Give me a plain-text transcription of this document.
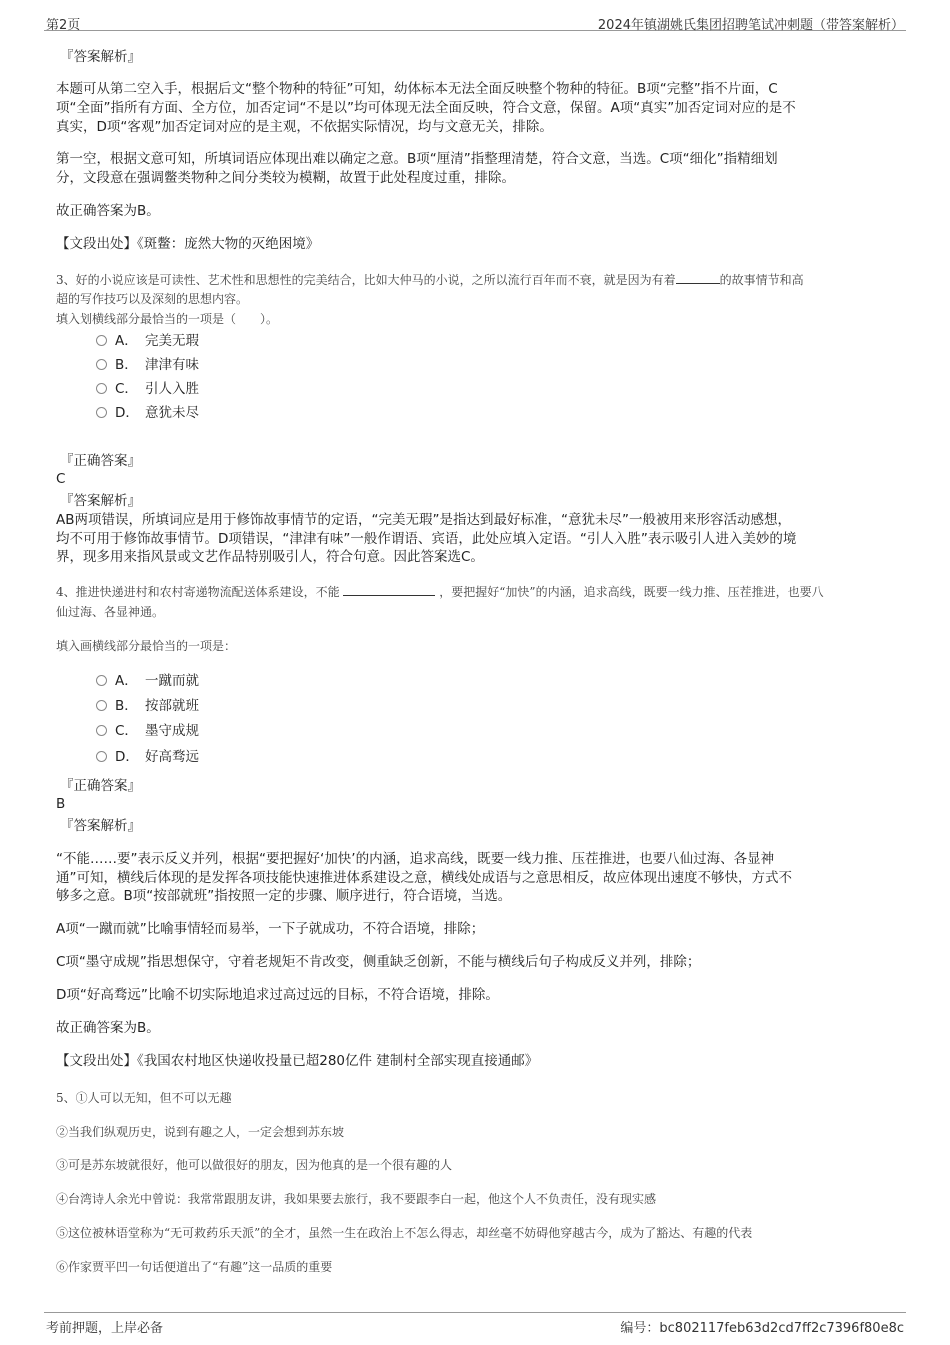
第2页	2024年镇湖姚氏集团招聘笔试冲刺题（带答案解析）

『答案解析』

本题可从第二空入手，根据后文“整个物种的特征”可知，幼体标本无法全面反映整个物种的特征。B项“完整”指不片面，C

项“全面”指所有方面、全方位，加否定词“不是以”均可体现无法全面反映，符合文意，保留。A项“真实”加否定词对应的是不

真实，D项“客观”加否定词对应的是主观，不依据实际情况，均与文意无关，排除。

第一空，根据文意可知，所填词语应体现出难以确定之意。B项“厘清”指整理清楚，符合文意，当选。C项“细化”指精细划

分，文段意在强调鳖类物种之间分类较为模糊，故置于此处程度过重，排除。

故正确答案为B。

【文段出处】《斑鳖：庞然大物的灭绝困境》

3、好的小说应该是可读性、艺术性和思想性的完美结合，比如大仲马的小说，之所以流行百年而不衰，就是因为有着	的故事情节和高

超的写作技巧以及深刻的思想内容。

填入划横线部分最恰当的一项是（　　）。

A． 完美无瑕
B． 津津有味
C． 引人入胜
D． 意犹未尽

『正确答案』

C

『答案解析』

AB两项错误，所填词应是用于修饰故事情节的定语，“完美无瑕”是指达到最好标准，“意犹未尽”一般被用来形容活动感想，

均不可用于修饰故事情节。D项错误，“津津有味”一般作谓语、宾语，此处应填入定语。“引人入胜”表示吸引人进入美妙的境

界，现多用来指风景或文艺作品特别吸引人，符合句意。因此答案选C。

4、推进快递进村和农村寄递物流配送体系建设，不能	，要把握好“加快”的内涵，追求高线，既要一线力推、压茬推进，也要八

仙过海、各显神通。

填入画横线部分最恰当的一项是：

A． 一蹴而就
B． 按部就班
C． 墨守成规
D． 好高骛远

『正确答案』

B

『答案解析』

“不能……要”表示反义并列，根据“要把握好‘加快’的内涵，追求高线，既要一线力推、压茬推进，也要八仙过海、各显神

通”可知，横线后体现的是发挥各项技能快速推进体系建设之意，横线处成语与之意思相反，故应体现出速度不够快，方式不

够多之意。B项“按部就班”指按照一定的步骤、顺序进行，符合语境，当选。

A项“一蹴而就”比喻事情轻而易举，一下子就成功，不符合语境，排除；

C项“墨守成规”指思想保守，守着老规矩不肯改变，侧重缺乏创新，不能与横线后句子构成反义并列，排除；

D项“好高骛远”比喻不切实际地追求过高过远的目标，不符合语境，排除。

故正确答案为B。

【文段出处】《我国农村地区快递收投量已超280亿件 建制村全部实现直接通邮》

5、①人可以无知，但不可以无趣

②当我们纵观历史，说到有趣之人，一定会想到苏东坡

③可是苏东坡就很好，他可以做很好的朋友，因为他真的是一个很有趣的人

④台湾诗人余光中曾说：我常常跟朋友讲，我如果要去旅行，我不要跟李白一起，他这个人不负责任，没有现实感

⑤这位被林语堂称为“无可救药乐天派”的全才，虽然一生在政治上不怎么得志，却丝毫不妨碍他穿越古今，成为了豁达、有趣的代表

⑥作家贾平凹一句话便道出了“有趣”这一品质的重要

考前押题，上岸必备	编号：bc802117feb63d2cd7ff2c7396f80e8c
